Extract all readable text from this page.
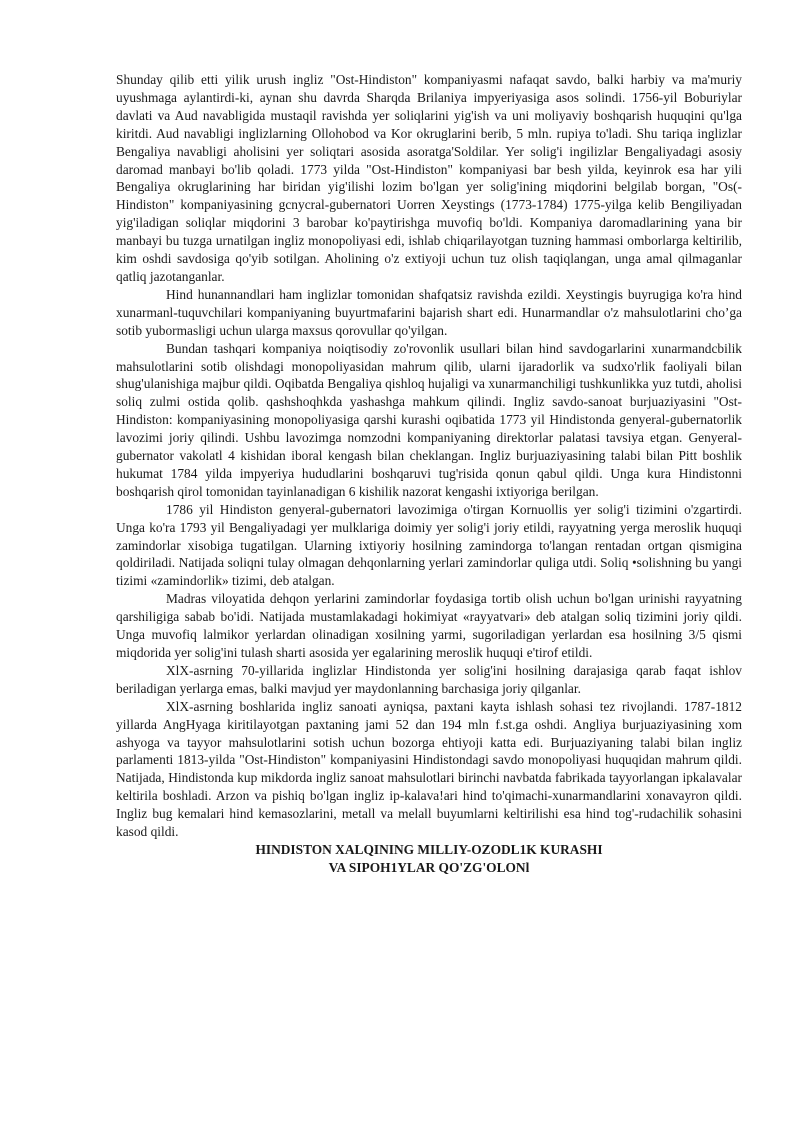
Shunday qilib etti yilik urush ingliz "Ost-Hindiston" kompaniyasmi nafaqat savdo, balki harbiy va ma'muriy uyushmaga aylantirdi-ki, aynan shu davrda Sharqda Brilaniya impyeriyasiga asos solindi. 1756-yil Boburiylar davlati va Aud navabligida mustaqil ravishda yer soliqlarini yig'ish va uni moliyaviy boshqarish huquqini qu'lga kiritdi. Aud navabligi inglizlarning Ollohobod va Kor okruglarini berib, 5 mln. rupiya to'ladi. Shu tariqa inglizlar Bengaliya navabligi aholisini yer soliqtari asosida asoratga'Soldilar. Yer solig'i ingilizlar Bengaliyadagi asosiy daromad manbayi bo'lib qoladi. 1773 yilda "Ost-Hindiston" kompaniyasi bar besh yilda, keyinrok esa har yili Bengaliya okruglarining har biridan yig'ilishi lozim bo'lgan yer solig'ining miqdorini belgilab borgan, "Os(-Hindiston" kompaniyasining gcnycral-gubernatori Uorren Xeystings (1773-1784) 1775-yilga kelib Bengiliyadan yig'iladigan soliqlar miqdorini 3 barobar ko'paytirishga muvofiq bo'ldi. Kompaniya daromadlarining yana bir manbayi bu tuzga urnatilgan ingliz monopoliyasi edi, ishlab chiqarilayotgan tuzning hammasi omborlarga keltirilib, kim oshdi savdosiga qo'yib sotilgan. Aholining o'z extiyoji uchun tuz olish taqiqlangan, unga amal qilmaganlar qatliq jazotanganlar.

Hind hunannandlari ham inglizlar tomonidan shafqatsiz ravishda ezildi. Xeystingis buyrugiga ko'ra hind xunarmanl-tuquvchilari kompaniyaning buyurtmafarini bajarish shart edi. Hunarmandlar o'z mahsulotlarini cho’ga sotib yubormasligi uchun ularga maxsus qorovullar qo'yilgan.

Bundan tashqari kompaniya noiqtisodiy zo'rovonlik usullari bilan hind savdogarlarini xunarmandcbilik mahsulotlarini sotib olishdagi monopoliyasidan mahrum qilib, ularni ijaradorlik va sudxo'rlik faoliyali bilan shug'ulanishiga majbur qildi. Oqibatda Bengaliya qishloq hujaligi va xunarmanchiligi tushkunlikka yuz tutdi, aholisi soliq zulmi ostida qolib. qashshoqhkda yashashga mahkum qilindi. Ingliz savdo-sanoat burjuaziyasini "Ost-Hindiston: kompaniyasining monopoliyasiga qarshi kurashi oqibatida 1773 yil Hindistonda genyeral-gubernatorlik lavozimi joriy qilindi. Ushbu lavozimga nomzodni kompaniyaning direktorlar palatasi tavsiya etgan. Genyeral-gubernator vakolatl 4 kishidan iboral kengash bilan cheklangan. Ingliz burjuaziyasining talabi bilan Pitt boshlik hukumat 1784 yilda impyeriya hududlarini boshqaruvi tug'risida qonun qabul qildi. Unga kura Hindistonni boshqarish qirol tomonidan tayinlanadigan 6 kishilik nazorat kengashi ixtiyoriga berilgan.

1786 yil Hindiston genyeral-gubernatori lavozimiga o'tirgan Kornuollis yer solig'i tizimini o'zgartirdi. Unga ko'ra 1793 yil Bengaliyadagi yer mulklariga doimiy yer solig'i joriy etildi, rayyatning yerga meroslik huquqi zamindorlar xisobiga tugatilgan. Ularning ixtiyoriy hosilning zamindorga to'langan rentadan ortgan qismigina qoldiriladi. Natijada soliqni tulay olmagan dehqonlarning yerlari zamindorlar quliga utdi. Soliq •solishning bu yangi tizimi «zamindorlik» tizimi, deb atalgan.

Madras viloyatida dehqon yerlarini zamindorlar foydasiga tortib olish uchun bo'lgan urinishi rayyatning qarshiligiga sabab bo'idi. Natijada mustamlakadagi hokimiyat «rayyatvari» deb atalgan soliq tizimini joriy qildi. Unga muvofiq lalmikor yerlardan olinadigan xosilning yarmi, sugoriladigan yerlardan esa hosilning 3/5 qismi miqdorida yer solig'ini tulash sharti asosida yer egalarining meroslik huquqi e'tirof etildi.

XlX-asrning 70-yillarida inglizlar Hindistonda yer solig'ini hosilning darajasiga qarab faqat ishlov beriladigan yerlarga emas, balki mavjud yer maydonlanning barchasiga joriy qilganlar.

XlX-asrning boshlarida ingliz sanoati ayniqsa, paxtani kayta ishlash sohasi tez rivojlandi. 1787-1812 yillarda AngHyaga kiritilayotgan paxtaning jami 52 dan 194 mln f.st.ga oshdi. Angliya burjuaziyasining xom ashyoga va tayyor mahsulotlarini sotish uchun bozorga ehtiyoji katta edi. Burjuaziyaning talabi bilan ingliz parlamenti 1813-yilda "Ost-Hindiston" kompaniyasini Hindistondagi savdo monopoliyasi huquqidan mahrum qildi. Natijada, Hindistonda kup mikdorda ingliz sanoat mahsulotlari birinchi navbatda fabrikada tayyorlangan ipkalavalar keltirila boshladi. Arzon va pishiq bo'lgan ingliz ip-kalava!ari hind to'qimachi-xunarmandlarini xonavayron qildi. Ingliz bug kemalari hind kemasozlarini, metall va melall buyumlarni keltirilishi esa hind tog'-rudachilik sohasini kasod qildi.

HINDISTON XALQINING MILLIY-OZODL1K KURASHI

VA SIPOH1YLAR QO'ZG'OLONl
